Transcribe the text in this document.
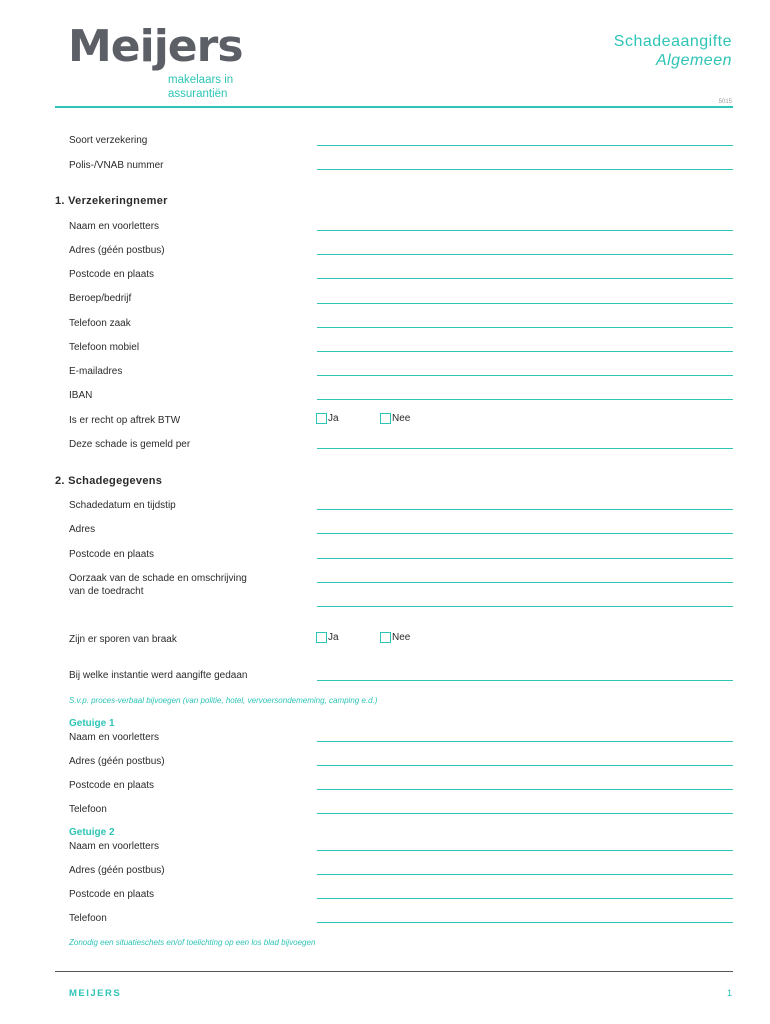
Meijers
makelaars in
assurantiën
Schadeaangifte
Algemeen
5015
Soort verzekering
Polis-/VNAB nummer
1. Verzekeringnemer
Naam en voorletters
Adres (géén postbus)
Postcode en plaats
Beroep/bedrijf
Telefoon zaak
Telefoon mobiel
E-mailadres
IBAN
Is er recht op aftrek BTW	Ja	Nee
Deze schade is gemeld per
2. Schadegegevens
Schadedatum en tijdstip
Adres
Postcode en plaats
Oorzaak van de schade en omschrijving
van de toedracht
Zijn er sporen van braak	Ja	Nee
Bij welke instantie werd aangifte gedaan
S.v.p. proces-verbaal bijvoegen (van politie, hotel, vervoersondememing, camping e.d.)
Getuige 1
Naam en voorletters
Adres (géén postbus)
Postcode en plaats
Telefoon
Getuige 2
Naam en voorletters
Adres (géén postbus)
Postcode en plaats
Telefoon
Zonodig een situatieschets en/of toelichting op een los blad bijvoegen
MEIJERS	1
